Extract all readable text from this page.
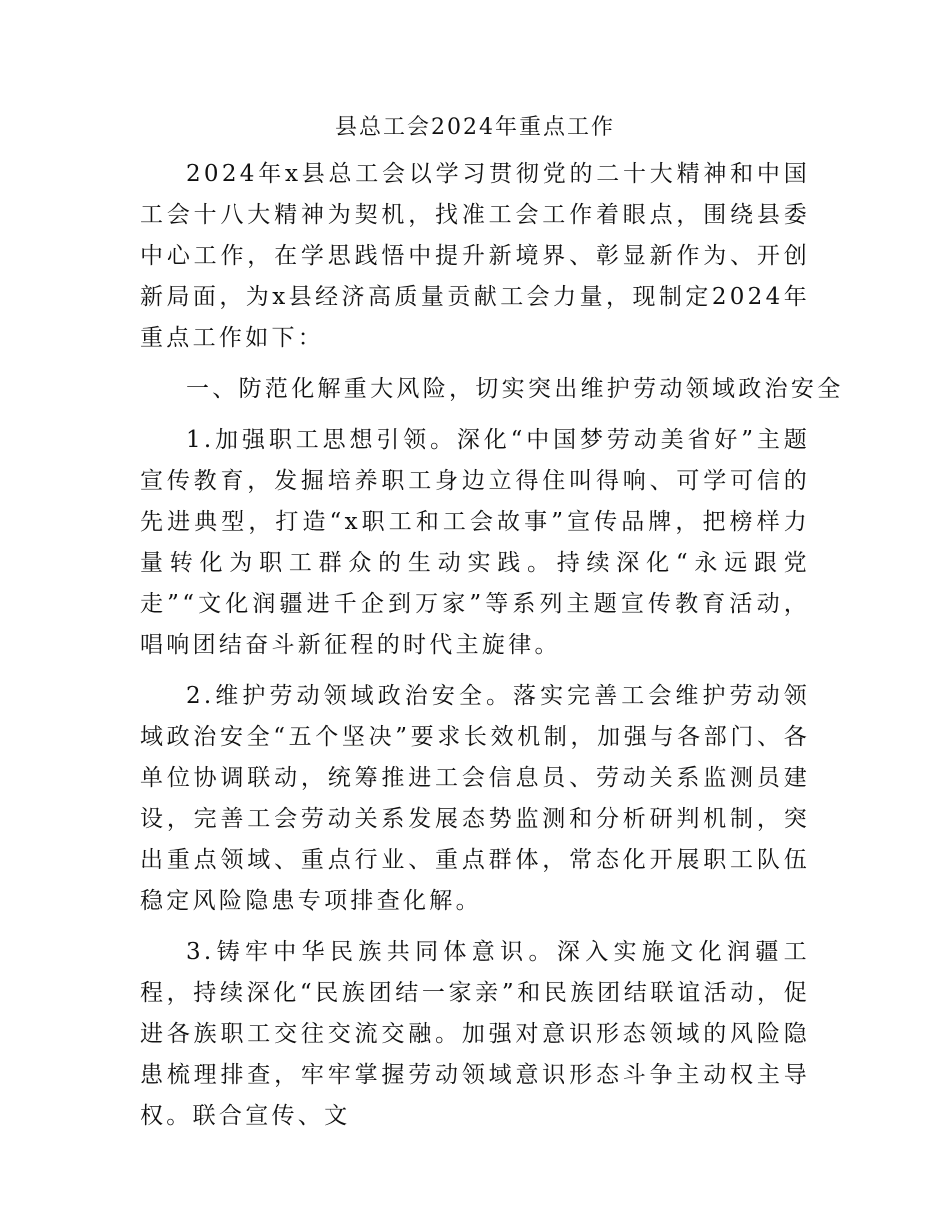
县总工会2024年重点工作

2024年x县总工会以学习贯彻党的二十大精神和中国工会十八大精神为契机，找准工会工作着眼点，围绕县委中心工作，在学思践悟中提升新境界、彰显新作为、开创新局面，为x县经济高质量贡献工会力量，现制定2024年重点工作如下：

一、防范化解重大风险，切实突出维护劳动领域政治安全

1.加强职工思想引领。深化“中国梦劳动美省好”主题宣传教育，发掘培养职工身边立得住叫得响、可学可信的先进典型，打造“x职工和工会故事”宣传品牌，把榜样力量转化为职工群众的生动实践。持续深化“永远跟党走”“文化润疆进千企到万家”等系列主题宣传教育活动，唱响团结奋斗新征程的时代主旋律。

2.维护劳动领域政治安全。落实完善工会维护劳动领域政治安全“五个坚决”要求长效机制，加强与各部门、各单位协调联动，统筹推进工会信息员、劳动关系监测员建设，完善工会劳动关系发展态势监测和分析研判机制，突出重点领域、重点行业、重点群体，常态化开展职工队伍稳定风险隐患专项排查化解。

3.铸牢中华民族共同体意识。深入实施文化润疆工程，持续深化“民族团结一家亲”和民族团结联谊活动，促进各族职工交往交流交融。加强对意识形态领域的风险隐患梳理排查，牢牢掌握劳动领域意识形态斗争主动权主导权。联合宣传、文
